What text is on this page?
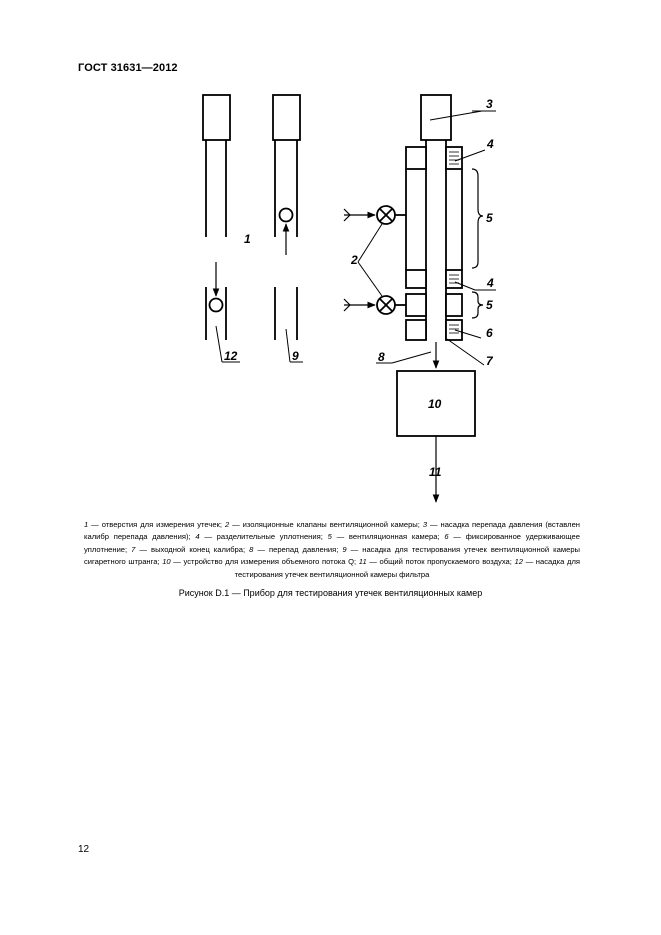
ГОСТ 31631—2012
1
2
3
4
4
5
5
6
7
8
9
10
11
12
1 — отверстия для измерения утечек; 2 — изоляционные клапаны вентиляционной камеры; 3 — насадка перепада давления (вставлен калибр перепада давления); 4 — разделительные уплотнения; 5 — вентиляционная камера; 6 — фиксированное удерживающее уплотнение; 7 — выходной конец калибра; 8 — перепад давления; 9 — насадка для тестирования утечек вентиляционной камеры сигаретного штранга; 10 — устройство для измерения объемного потока Q; 11 — общий поток пропускаемого воздуха; 12 — насадка для тестирования утечек вентиляционной камеры фильтра
Рисунок D.1 — Прибор для тестирования утечек вентиляционных камер
12
